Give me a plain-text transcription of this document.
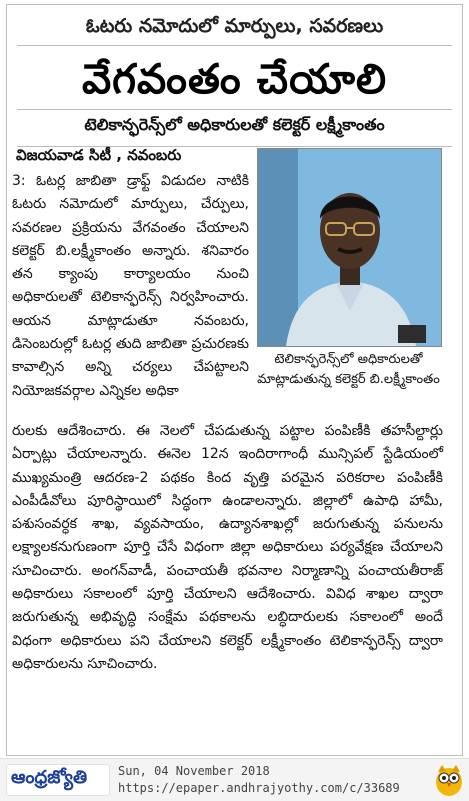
ఓటరు నమోదులో మార్పులు, సవరణలు
వేగవంతం చేయాలి
టెలికాన్ఫరెన్స్‌లో అధికారులతో కలెక్టర్ లక్ష్మీకాంతం
విజయవాడ సిటీ , నవంబరు
3: ఓటర్ల జాబితా డ్రాఫ్ట్ విడుదల నాటికి ఓటరు నమోదులో మార్పులు, చేర్పులు, సవరణల ప్రక్రియను వేగవంతం చేయాలని కలెక్టర్ బి.లక్ష్మీకాంతం అన్నారు. శనివారం తన క్యాంపు కార్యాలయం నుంచి అధికారులతో టెలికాన్ఫరెన్స్ నిర్వహించారు. ఆయన మాట్లాడుతూ నవంబరు, డిసెంబరుల్లో ఓటర్ల తుది జాబితా ప్రచురణకు కావాల్సిన అన్ని చర్యలు చేపట్టాలని నియోజకవర్గాల ఎన్నికల అధికా
టెలికాన్ఫరెన్స్‌లో అధికారులతో మాట్లాడుతున్న కలెక్టర్ బి.లక్ష్మీకాంతం
రులకు ఆదేశించారు. ఈ నెలలో చేపడుతున్న పట్టాల పంపిణీకి తహసీల్దార్లు ఏర్పాట్లు చేయాలన్నారు. ఈనెల 12న ఇందిరాగాంధీ మున్సిపల్ స్టేడియంలో ముఖ్యమంత్రి ఆదరణ-2 పథకం కింద వృత్తి పరమైన పరికరాల పంపిణీకి ఎంపీడీవోలు పూరిస్థాయిలో సిద్ధంగా ఉండాలన్నారు. జిల్లాలో ఉపాధి హామీ, పశుసంవర్ధక శాఖ, వ్యవసాయం, ఉద్యానశాఖల్లో జరుగుతున్న పనులను లక్ష్యాలకనుగుణంగా పూర్తి చేసే విధంగా జిల్లా అధికారులు పర్యవేక్షణ చేయాలని సూచించారు. అంగన్‌వాడీ, పంచాయతీ భవనాల నిర్మాణాన్ని పంచాయతీరాజ్ అధికారులు సకాలంలో పూర్తి చేయాలని ఆదేశించారు. వివిధ శాఖల ద్వారా జరుగుతున్న అభివృద్ధి సంక్షేమ పథకాలను లబ్ధిదారులకు సకాలంలో అందే విధంగా అధికారులు పని చేయాలని కలెక్టర్ లక్ష్మీకాంతం టెలికాన్ఫరెన్స్ ద్వారా అధికారులను సూచించారు.
ఆంధ్రజ్యోతి	Sun, 04 November 2018
https://epaper.andhrajyothy.com/c/33689
